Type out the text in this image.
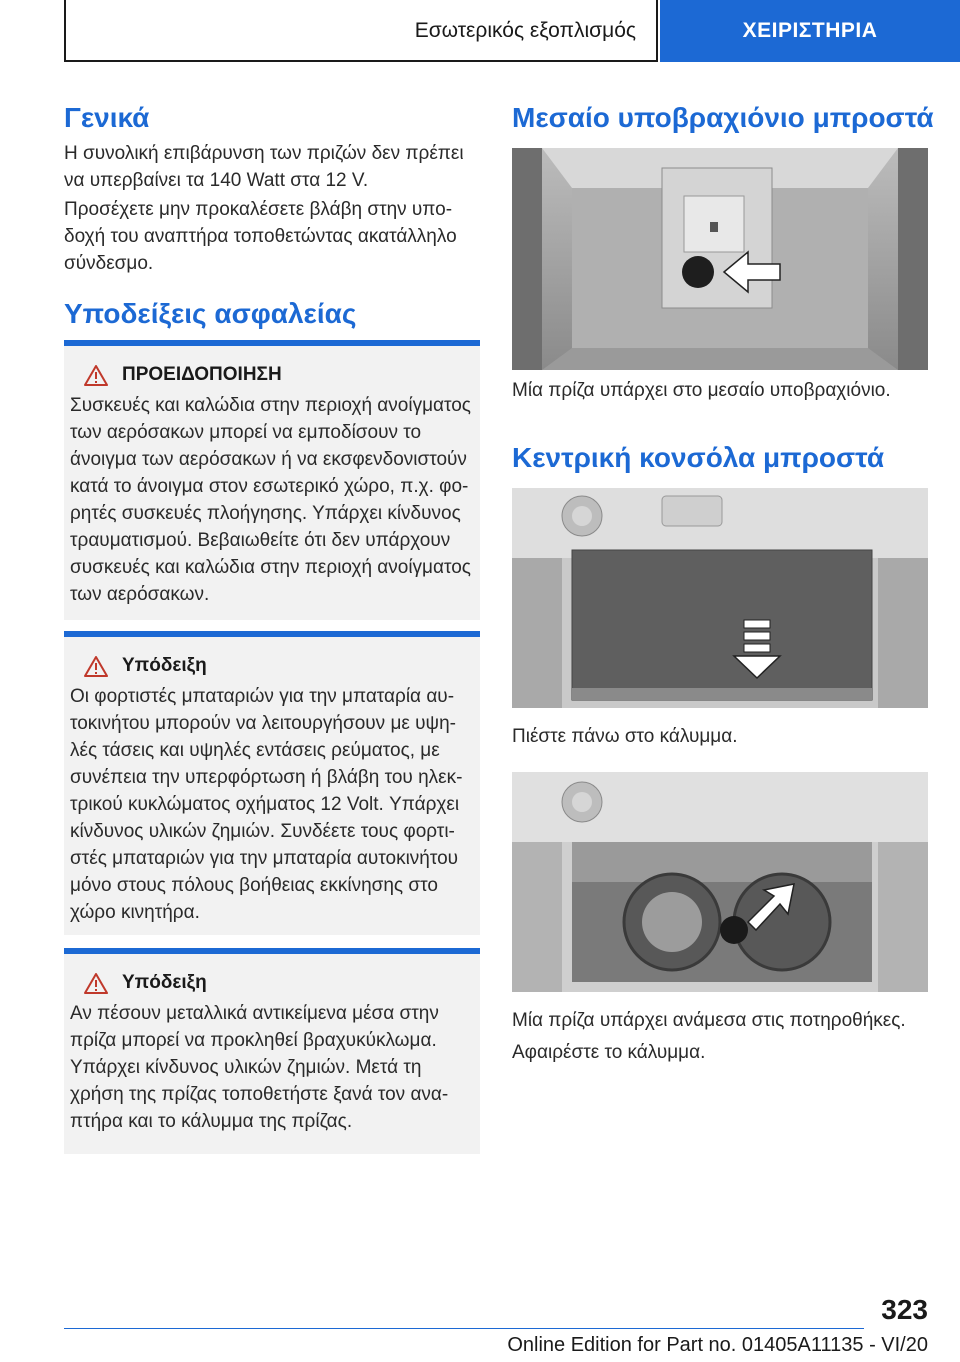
Εσωτερικός εξοπλισμός	ΧΕΙΡΙΣΤΗΡΙΑ
Γενικά

Η συνολική επιβάρυνση των πριζών δεν πρέπει να υπερβαίνει τα 140 Watt στα 12 V.

Προσέχετε μην προκαλέσετε βλάβη στην υποδοχή του αναπτήρα τοποθετώντας ακατάλληλο σύνδεσμο.

Υποδείξεις ασφαλείας
ΠΡΟΕΙΔΟΠΟΙΗΣΗ

Συσκευές και καλώδια στην περιοχή ανοίγματος των αερόσακων μπορεί να εμποδίσουν το άνοιγμα των αερόσακων ή να εκσφενδονιστούν κατά το άνοιγμα στον εσωτερικό χώρο, π.χ. φορητές συσκευές πλοήγησης. Υπάρχει κίνδυνος τραυματισμού. Βεβαιωθείτε ότι δεν υπάρχουν συσκευές και καλώδια στην περιοχή ανοίγματος των αερόσακων.

Υπόδειξη

Οι φορτιστές μπαταριών για την μπαταρία αυτοκινήτου μπορούν να λειτουργήσουν με υψηλές τάσεις και υψηλές εντάσεις ρεύματος, με συνέπεια την υπερφόρτωση ή βλάβη του ηλεκτρικού κυκλώματος οχήματος 12 Volt. Υπάρχει κίνδυνος υλικών ζημιών. Συνδέετε τους φορτιστές μπαταριών για την μπαταρία αυτοκινήτου μόνο στους πόλους βοήθειας εκκίνησης στο χώρο κινητήρα.

Υπόδειξη

Αν πέσουν μεταλλικά αντικείμενα μέσα στην πρίζα μπορεί να προκληθεί βραχυκύκλωμα. Υπάρχει κίνδυνος υλικών ζημιών. Μετά τη χρήση της πρίζας τοποθετήστε ξανά τον αναπτήρα και το κάλυμμα της πρίζας.

Μεσαίο υποβραχιόνιο μπροστά

Μία πρίζα υπάρχει στο μεσαίο υποβραχιόνιο.

Κεντρική κονσόλα μπροστά

Πιέστε πάνω στο κάλυμμα.

Μία πρίζα υπάρχει ανάμεσα στις ποτηροθήκες.

Αφαιρέστε το κάλυμμα.

323
Online Edition for Part no. 01405A11135 - VI/20
